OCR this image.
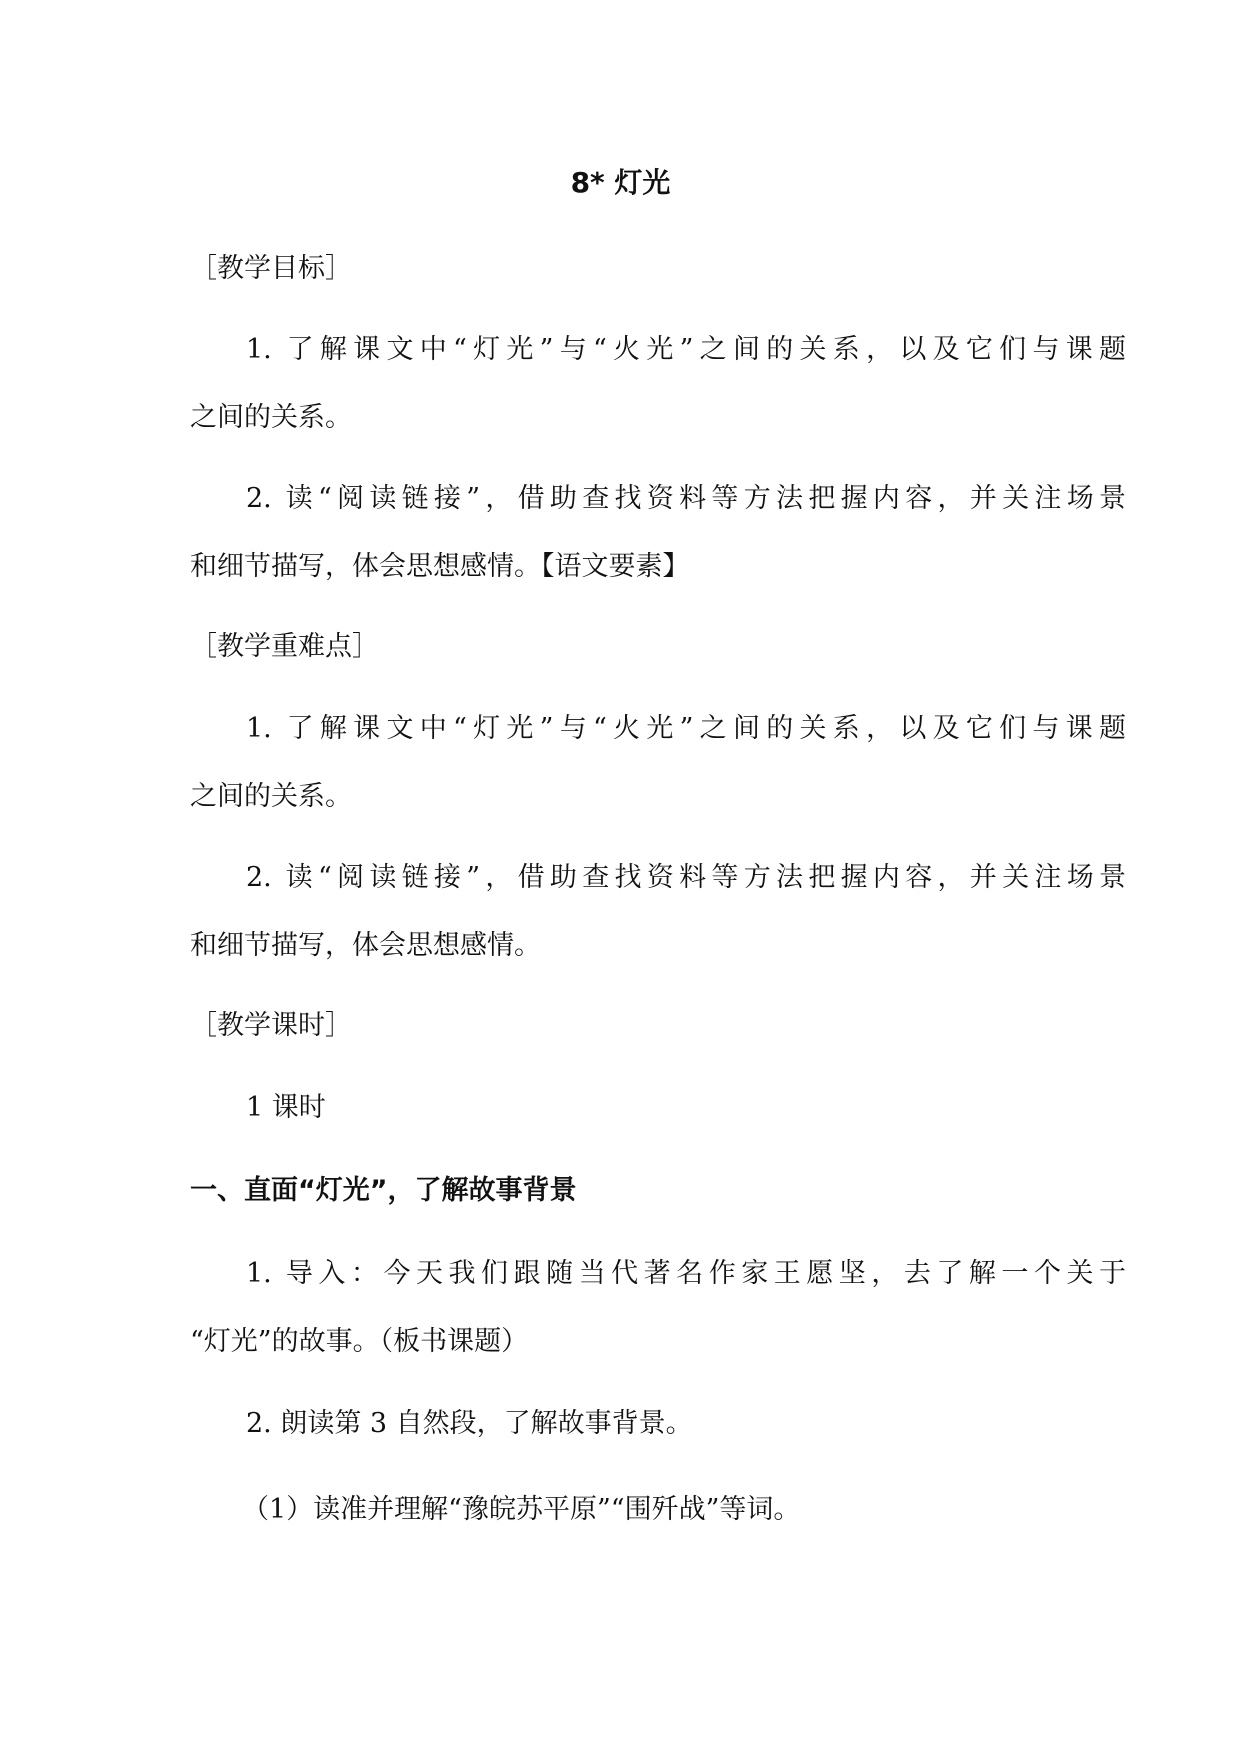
8* 灯光
［教学目标］
1. 了解课文中“灯光”与“火光”之间的关系，以及它们与课题
之间的关系。
2. 读“阅读链接”，借助查找资料等方法把握内容，并关注场景
和细节描写，体会思想感情。【语文要素】
［教学重难点］
1. 了解课文中“灯光”与“火光”之间的关系，以及它们与课题
之间的关系。
2. 读“阅读链接”，借助查找资料等方法把握内容，并关注场景
和细节描写，体会思想感情。
［教学课时］
1 课时
一、直面“灯光”，了解故事背景
1. 导入：今天我们跟随当代著名作家王愿坚，去了解一个关于
“灯光”的故事。（板书课题）
2. 朗读第 3 自然段，了解故事背景。
（1）读准并理解“豫皖苏平原”“围歼战”等词。
